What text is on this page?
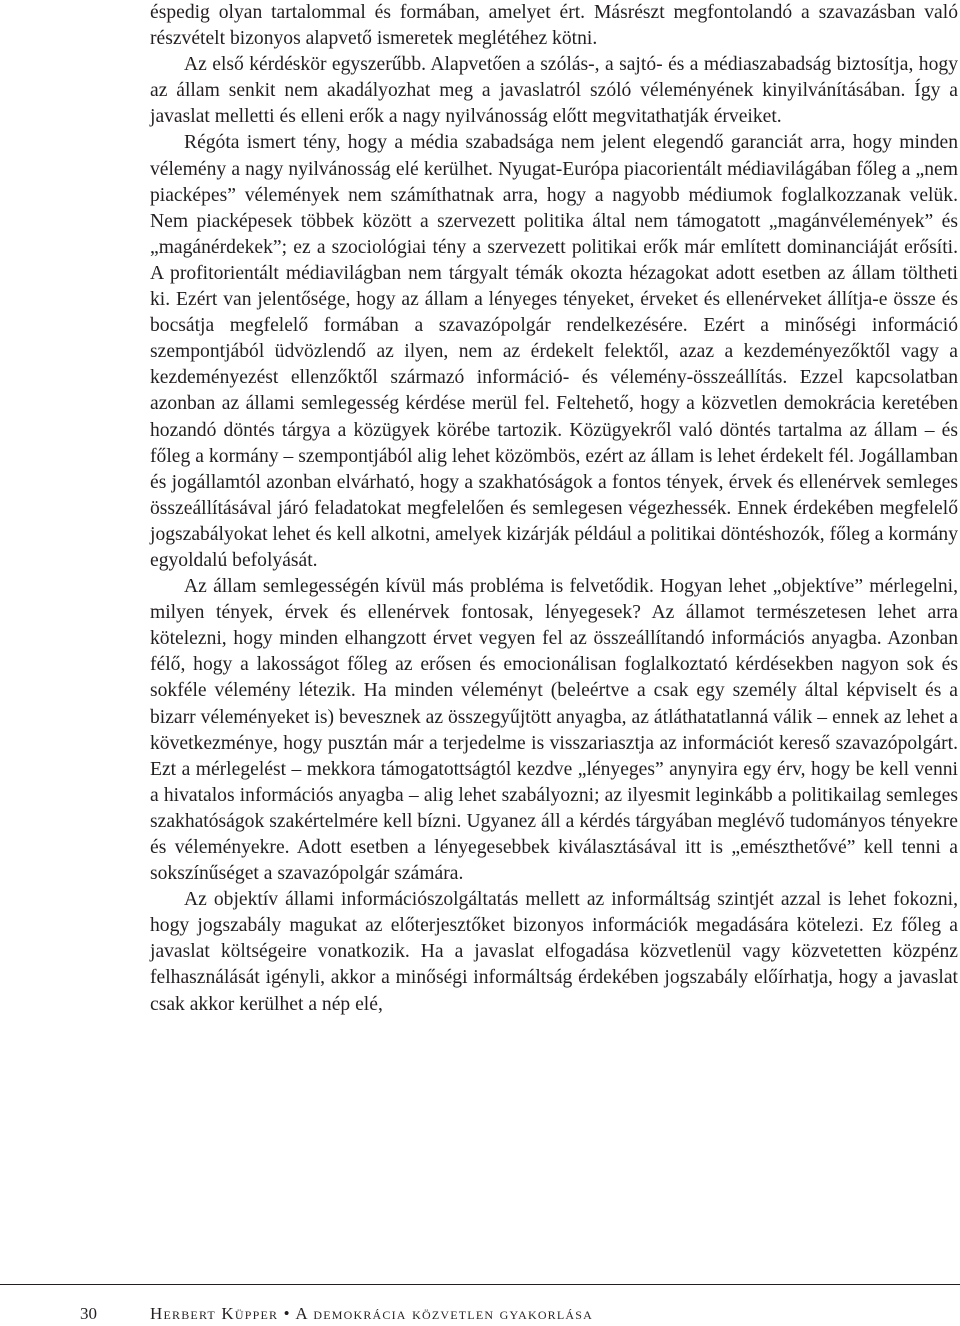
éspedig olyan tartalommal és formában, amelyet ért. Másrészt megfontolandó a szavazásban való részvételt bizonyos alapvető ismeretek meglétéhez kötni.

Az első kérdéskör egyszerűbb. Alapvetően a szólás-, a sajtó- és a médiaszabadság biztosítja, hogy az állam senkit nem akadályozhat meg a javaslatról szóló véleményének kinyilvánításában. Így a javaslat melletti és elleni erők a nagy nyilvánosság előtt megvitathatják érveiket.

Régóta ismert tény, hogy a média szabadsága nem jelent elegendő garanciát arra, hogy minden vélemény a nagy nyilvánosság elé kerülhet. Nyugat-Európa piacorientált médiavilágában főleg a „nem piacképes” vélemények nem számíthatnak arra, hogy a nagyobb médiumok foglalkozzanak velük. Nem piacképesek többek között a szervezett politika által nem támogatott „magánvélemények” és „magánérdekek”; ez a szociológiai tény a szervezett politikai erők már említett dominanciáját erősíti. A profitorientált médiavilágban nem tárgyalt témák okozta hézagokat adott esetben az állam töltheti ki. Ezért van jelentősége, hogy az állam a lényeges tényeket, érveket és ellenérveket állítja-e össze és bocsátja megfelelő formában a szavazópolgár rendelkezésére. Ezért a minőségi információ szempontjából üdvözlendő az ilyen, nem az érdekelt felektől, azaz a kezdeményezőktől vagy a kezdeményezést ellenzőktől származó információ- és vélemény-összeállítás. Ezzel kapcsolatban azonban az állami semlegesség kérdése merül fel. Feltehető, hogy a közvetlen demokrácia keretében hozandó döntés tárgya a közügyek körébe tartozik. Közügyekről való döntés tartalma az állam – és főleg a kormány – szempontjából alig lehet közömbös, ezért az állam is lehet érdekelt fél. Jogállamban és jogállamtól azonban elvárható, hogy a szakhatóságok a fontos tények, érvek és ellenérvek semleges összeállításával járó feladatokat megfelelően és semlegesen végezhessék. Ennek érdekében megfelelő jogszabályokat lehet és kell alkotni, amelyek kizárják például a politikai döntéshozók, főleg a kormány egyoldalú befolyását.

Az állam semlegességén kívül más probléma is felvetődik. Hogyan lehet „objektíve” mérlegelni, milyen tények, érvek és ellenérvek fontosak, lényegesek? Az államot természetesen lehet arra kötelezni, hogy minden elhangzott érvet vegyen fel az összeállítandó információs anyagba. Azonban félő, hogy a lakosságot főleg az erősen és emocionálisan foglalkoztató kérdésekben nagyon sok és sokféle vélemény létezik. Ha minden véleményt (beleértve a csak egy személy által képviselt és a bizarr véleményeket is) bevesznek az összegyűjtött anyagba, az átláthatatlanná válik – ennek az lehet a következménye, hogy pusztán már a terjedelme is visszariasztja az információt kereső szavazópolgárt. Ezt a mérlegelést – mekkora támogatottságtól kezdve „lényeges” anynyira egy érv, hogy be kell venni a hivatalos információs anyagba – alig lehet szabályozni; az ilyesmit leginkább a politikailag semleges szakhatóságok szakértelmére kell bízni. Ugyanez áll a kérdés tárgyában meglévő tudományos tényekre és véleményekre. Adott esetben a lényegesebbek kiválasztásával itt is „emészthetővé” kell tenni a sokszínűséget a szavazópolgár számára.

Az objektív állami információszolgáltatás mellett az informáltság szintjét azzal is lehet fokozni, hogy jogszabály magukat az előterjesztőket bizonyos információk megadására kötelezi. Ez főleg a javaslat költségeire vonatkozik. Ha a javaslat elfogadása közvetlenül vagy közvetetten közpénz felhasználását igényli, akkor a minőségi informáltság érdekében jogszabály előírhatja, hogy a javaslat csak akkor kerülhet a nép elé,

30	Herbert Küpper • A demokrácia közvetlen gyakorlása
